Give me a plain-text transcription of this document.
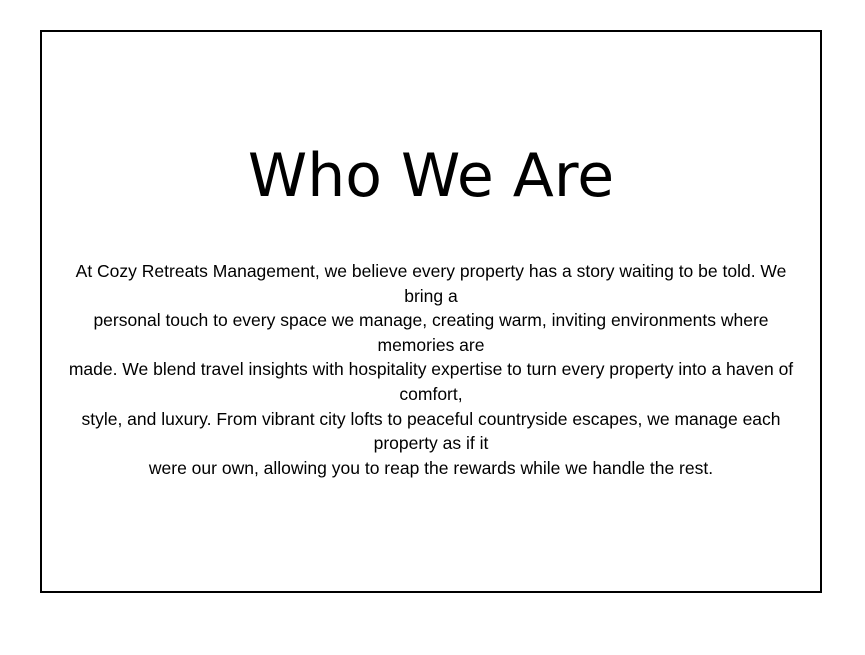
Who We Are
At Cozy Retreats Management, we believe every property has a story waiting to be told. We bring a
personal touch to every space we manage, creating warm, inviting environments where memories are
made. We blend travel insights with hospitality expertise to turn every property into a haven of comfort,
style, and luxury. From vibrant city lofts to peaceful countryside escapes, we manage each property as if it
were our own, allowing you to reap the rewards while we handle the rest.
